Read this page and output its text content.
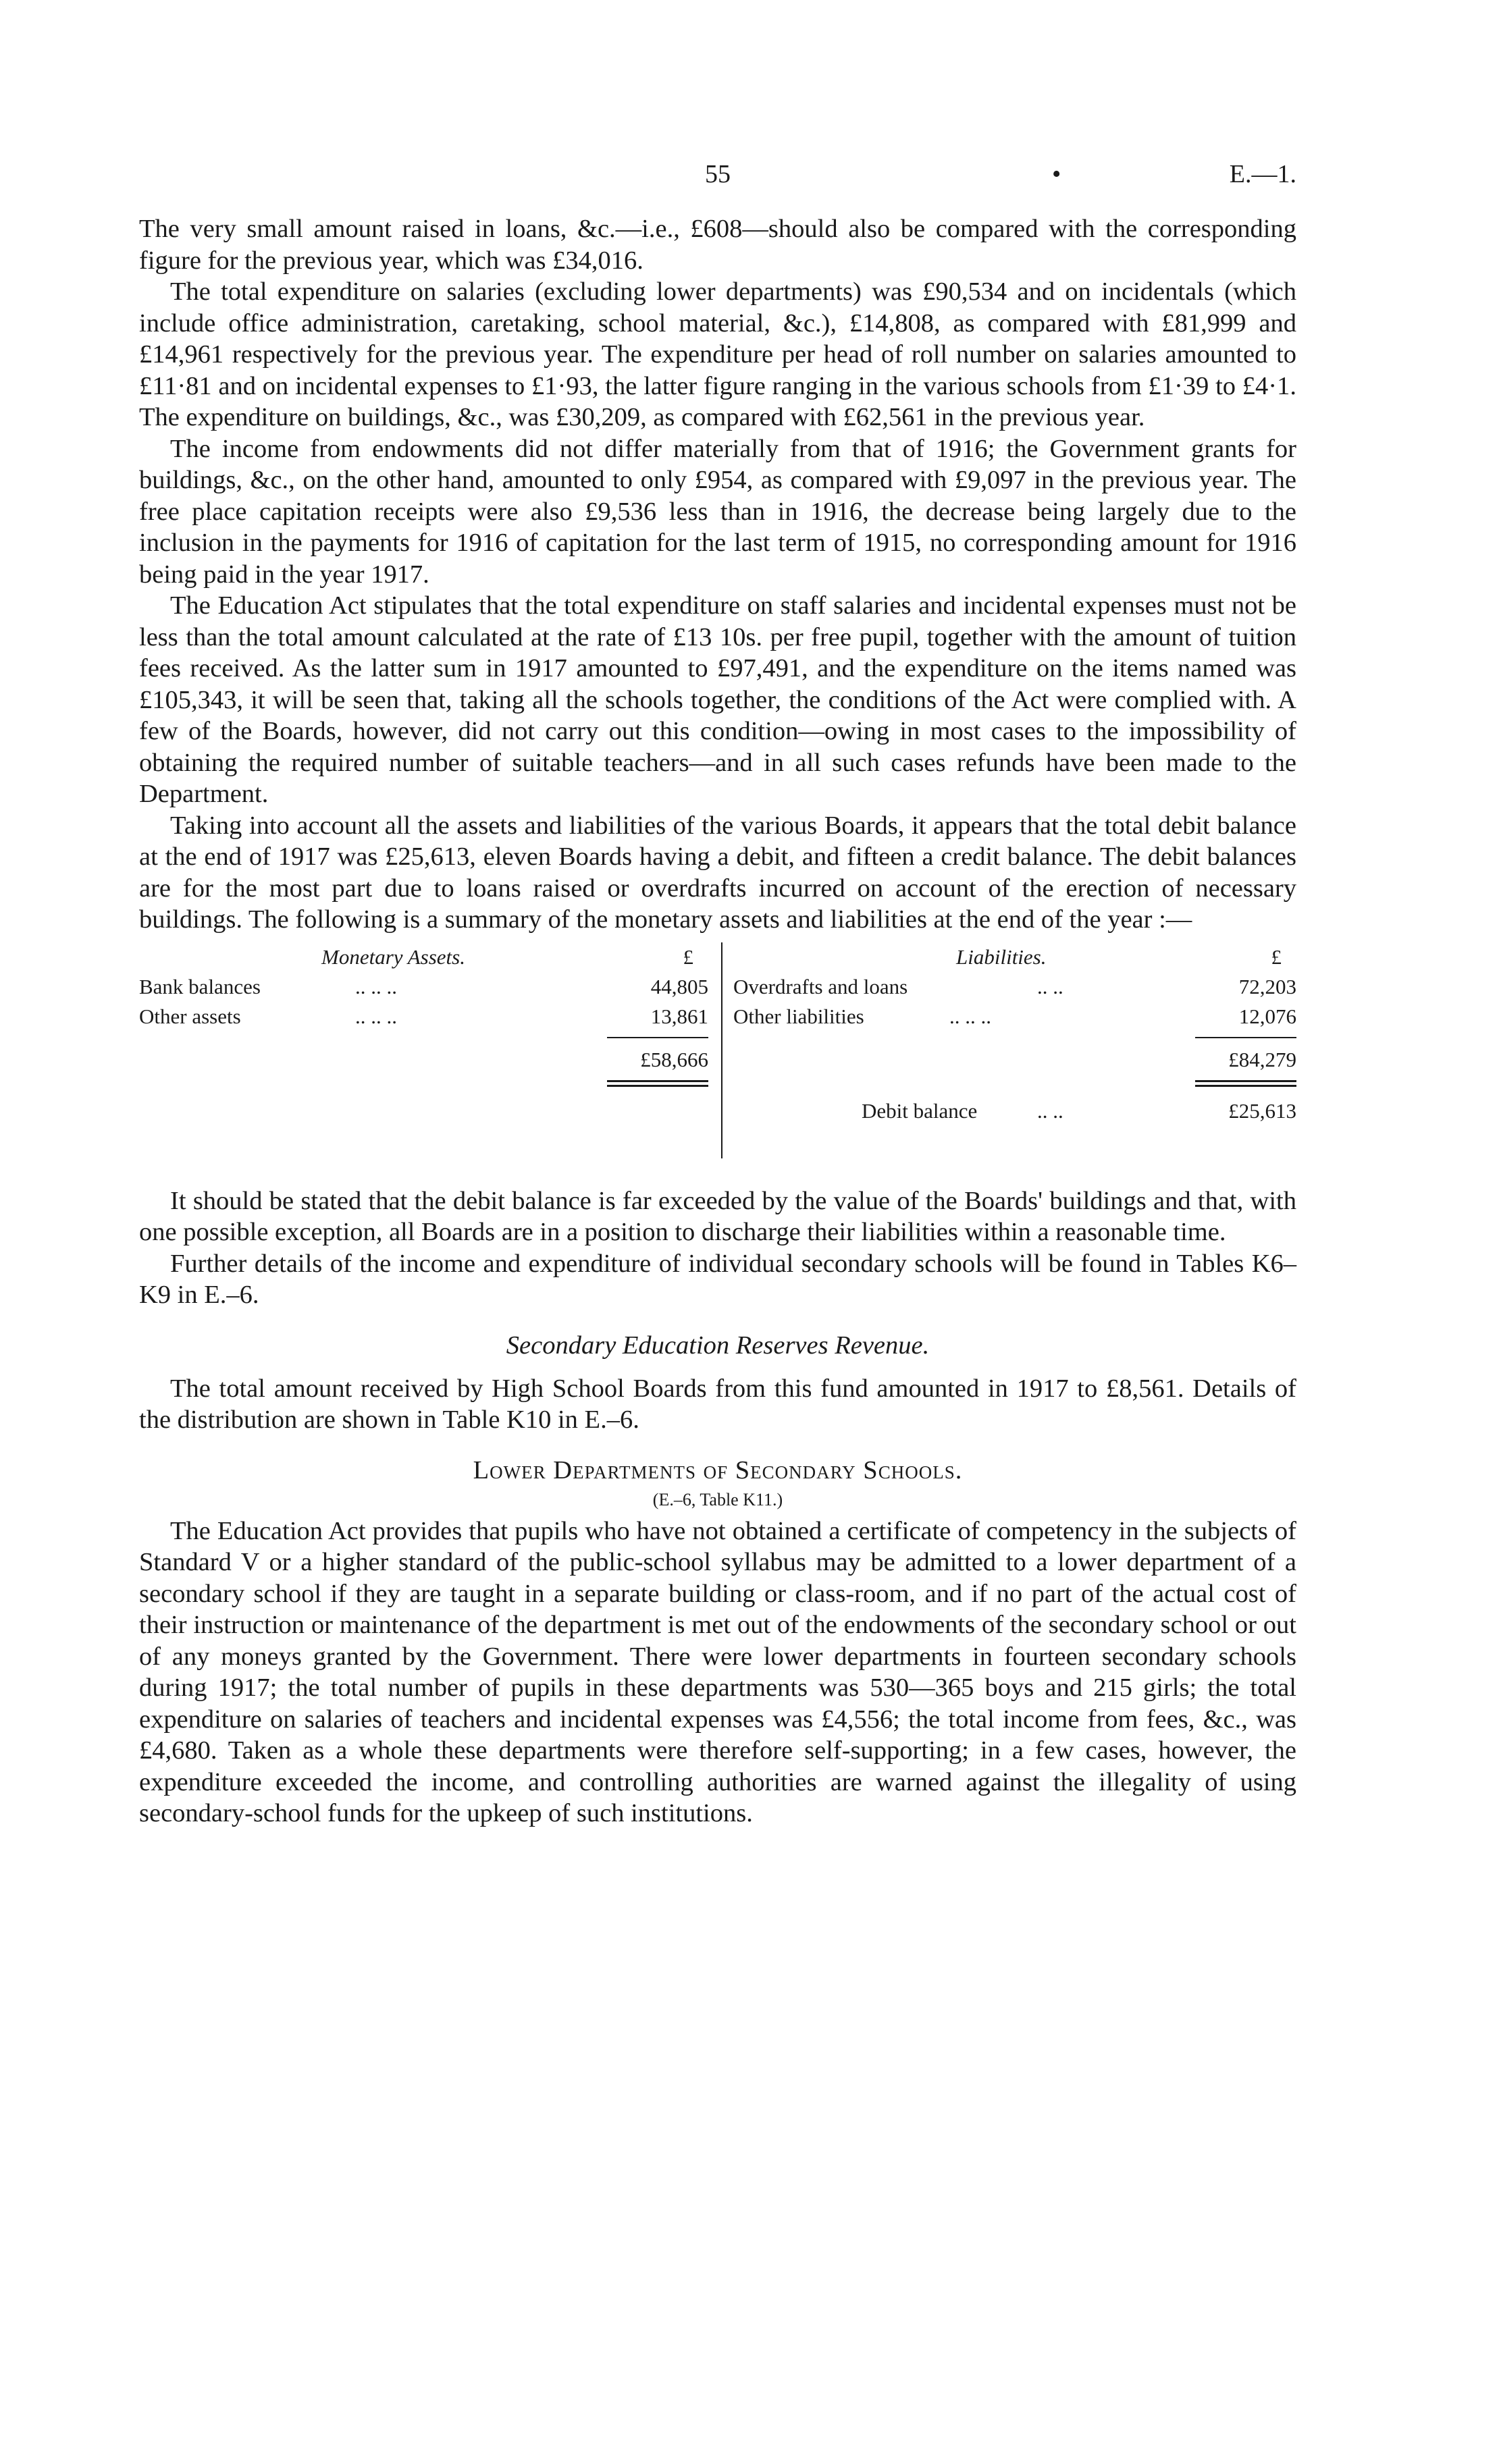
55	•	E.—1.

The very small amount raised in loans, &c.—i.e., £608—should also be compared with the corresponding figure for the previous year, which was £34,016.

The total expenditure on salaries (excluding lower departments) was £90,534 and on incidentals (which include office administration, caretaking, school material, &c.), £14,808, as compared with £81,999 and £14,961 respectively for the previous year. The expenditure per head of roll number on salaries amounted to £11·81 and on incidental expenses to £1·93, the latter figure ranging in the various schools from £1·39 to £4·1. The expenditure on buildings, &c., was £30,209, as compared with £62,561 in the previous year.

The income from endowments did not differ materially from that of 1916; the Government grants for buildings, &c., on the other hand, amounted to only £954, as compared with £9,097 in the previous year. The free place capitation receipts were also £9,536 less than in 1916, the decrease being largely due to the inclusion in the payments for 1916 of capitation for the last term of 1915, no corresponding amount for 1916 being paid in the year 1917.

The Education Act stipulates that the total expenditure on staff salaries and incidental expenses must not be less than the total amount calculated at the rate of £13 10s. per free pupil, together with the amount of tuition fees received. As the latter sum in 1917 amounted to £97,491, and the expenditure on the items named was £105,343, it will be seen that, taking all the schools together, the conditions of the Act were complied with. A few of the Boards, however, did not carry out this condition—owing in most cases to the impossibility of obtaining the required number of suitable teachers—and in all such cases refunds have been made to the Department.

Taking into account all the assets and liabilities of the various Boards, it appears that the total debit balance at the end of 1917 was £25,613, eleven Boards having a debit, and fifteen a credit balance. The debit balances are for the most part due to loans raised or overdrafts incurred on account of the erection of necessary buildings. The following is a summary of the monetary assets and liabilities at the end of the year :—

Monetary Assets.	£
Bank balances	.. .. ..	44,805
Other assets	.. .. ..	13,861
£58,666
Liabilities.	£
Overdrafts and loans	.. ..	72,203
Other liabilities	.. .. ..	12,076
£84,279
Debit balance	.. ..	£25,613

It should be stated that the debit balance is far exceeded by the value of the Boards' buildings and that, with one possible exception, all Boards are in a position to discharge their liabilities within a reasonable time.

Further details of the income and expenditure of individual secondary schools will be found in Tables K6–K9 in E.–6.

Secondary Education Reserves Revenue.

The total amount received by High School Boards from this fund amounted in 1917 to £8,561. Details of the distribution are shown in Table K10 in E.–6.

Lower Departments of Secondary Schools.
(E.–6, Table K11.)

The Education Act provides that pupils who have not obtained a certificate of competency in the subjects of Standard V or a higher standard of the public-school syllabus may be admitted to a lower department of a secondary school if they are taught in a separate building or class-room, and if no part of the actual cost of their instruction or maintenance of the department is met out of the endowments of the secondary school or out of any moneys granted by the Government. There were lower departments in fourteen secondary schools during 1917; the total number of pupils in these departments was 530—365 boys and 215 girls; the total expenditure on salaries of teachers and incidental expenses was £4,556; the total income from fees, &c., was £4,680. Taken as a whole these departments were therefore self-supporting; in a few cases, however, the expenditure exceeded the income, and controlling authorities are warned against the illegality of using secondary-school funds for the upkeep of such institutions.
